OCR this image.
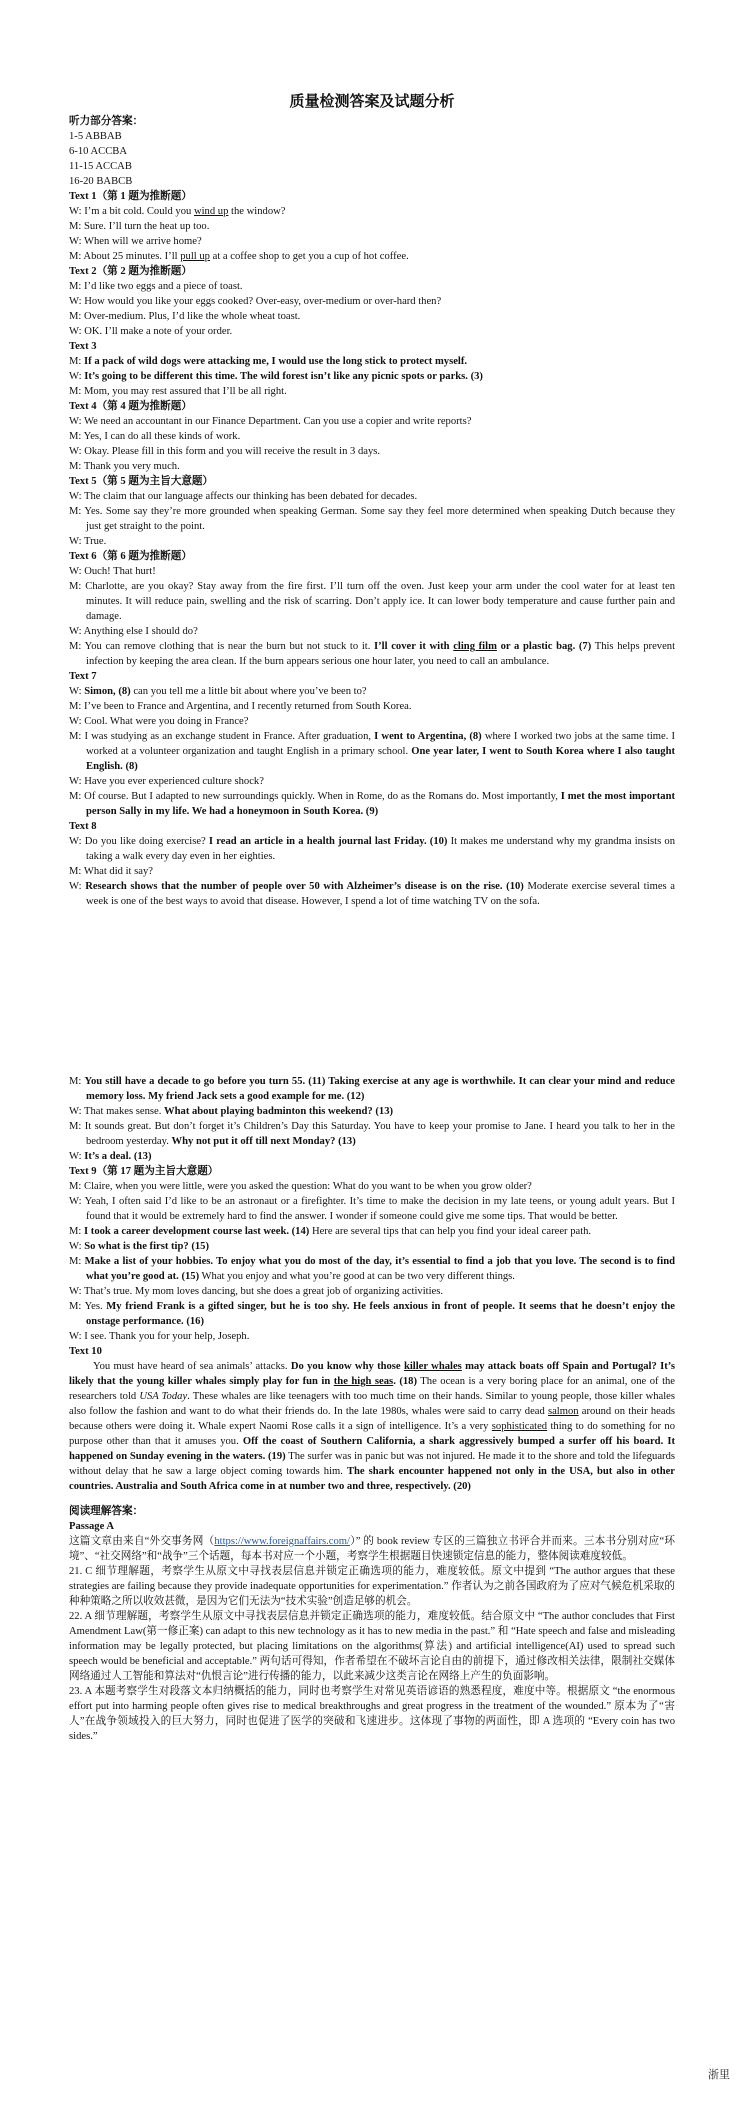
质量检测答案及试题分析
听力部分答案：
1-5 ABBAB
6-10 ACCBA
11-15 ACCAB
16-20 BABCB
Text 1（第 1 题为推断题）
W: I’m a bit cold. Could you wind up the window?
M: Sure. I’ll turn the heat up too.
W: When will we arrive home?
M: About 25 minutes. I’ll pull up at a coffee shop to get you a cup of hot coffee.
Text 2（第 2 题为推断题）
M: I’d like two eggs and a piece of toast.
W: How would you like your eggs cooked? Over-easy, over-medium or over-hard then?
M: Over-medium. Plus, I’d like the whole wheat toast.
W: OK. I’ll make a note of your order.
Text 3
M: If a pack of wild dogs were attacking me, I would use the long stick to protect myself.
W: It’s going to be different this time. The wild forest isn’t like any picnic spots or parks. (3)
M: Mom, you may rest assured that I’ll be all right.
Text 4（第 4 题为推断题）
W: We need an accountant in our Finance Department. Can you use a copier and write reports?
M: Yes, I can do all these kinds of work.
W: Okay. Please fill in this form and you will receive the result in 3 days.
M: Thank you very much.
Text 5（第 5 题为主旨大意题）
W: The claim that our language affects our thinking has been debated for decades.
M: Yes. Some say they’re more grounded when speaking German. Some say they feel more determined when speaking Dutch because they just get straight to the point.
W: True.
Text 6（第 6 题为推断题）
W: Ouch! That hurt!
M: Charlotte, are you okay? Stay away from the fire first. I’ll turn off the oven. Just keep your arm under the cool water for at least ten minutes. It will reduce pain, swelling and the risk of scarring. Don’t apply ice. It can lower body temperature and cause further pain and damage.
W: Anything else I should do?
M: You can remove clothing that is near the burn but not stuck to it. I’ll cover it with cling film or a plastic bag. (7) This helps prevent infection by keeping the area clean. If the burn appears serious one hour later, you need to call an ambulance.
Text 7
W: Simon, (8) can you tell me a little bit about where you’ve been to?
M: I’ve been to France and Argentina, and I recently returned from South Korea.
W: Cool. What were you doing in France?
M: I was studying as an exchange student in France. After graduation, I went to Argentina, (8) where I worked two jobs at the same time. I worked at a volunteer organization and taught English in a primary school. One year later, I went to South Korea where I also taught English. (8)
W: Have you ever experienced culture shock?
M: Of course. But I adapted to new surroundings quickly. When in Rome, do as the Romans do. Most importantly, I met the most important person Sally in my life. We had a honeymoon in South Korea. (9)
Text 8
W: Do you like doing exercise? I read an article in a health journal last Friday. (10) It makes me understand why my grandma insists on taking a walk every day even in her eighties.
M: What did it say?
W: Research shows that the number of people over 50 with Alzheimer’s disease is on the rise. (10) Moderate exercise several times a week is one of the best ways to avoid that disease. However, I spend a lot of time watching TV on the sofa.
M: You still have a decade to go before you turn 55. (11) Taking exercise at any age is worthwhile. It can clear your mind and reduce memory loss. My friend Jack sets a good example for me. (12)
W: That makes sense. What about playing badminton this weekend? (13)
M: It sounds great. But don’t forget it’s Children’s Day this Saturday. You have to keep your promise to Jane. I heard you talk to her in the bedroom yesterday. Why not put it off till next Monday? (13)
W: It’s a deal. (13)
Text 9（第 17 题为主旨大意题）
M: Claire, when you were little, were you asked the question: What do you want to be when you grow older?
W: Yeah, I often said I’d like to be an astronaut or a firefighter. It’s time to make the decision in my late teens, or young adult years. But I found that it would be extremely hard to find the answer. I wonder if someone could give me some tips. That would be better.
M: I took a career development course last week. (14) Here are several tips that can help you find your ideal career path.
W: So what is the first tip? (15)
M: Make a list of your hobbies. To enjoy what you do most of the day, it’s essential to find a job that you love. The second is to find what you’re good at. (15) What you enjoy and what you’re good at can be two very different things.
W: That’s true. My mom loves dancing, but she does a great job of organizing activities.
M: Yes. My friend Frank is a gifted singer, but he is too shy. He feels anxious in front of people. It seems that he doesn’t enjoy the onstage performance. (16)
W: I see. Thank you for your help, Joseph.
Text 10
You must have heard of sea animals’ attacks. Do you know why those killer whales may attack boats off Spain and Portugal? It’s likely that the young killer whales simply play for fun in the high seas. (18) The ocean is a very boring place for an animal, one of the researchers told USA Today. These whales are like teenagers with too much time on their hands. Similar to young people, those killer whales also follow the fashion and want to do what their friends do. In the late 1980s, whales were said to carry dead salmon around on their heads because others were doing it. Whale expert Naomi Rose calls it a sign of intelligence. It’s a very sophisticated thing to do something for no purpose other than that it amuses you. Off the coast of Southern California, a shark aggressively bumped a surfer off his board. It happened on Sunday evening in the waters. (19) The surfer was in panic but was not injured. He made it to the shore and told the lifeguards without delay that he saw a large object coming towards him. The shark encounter happened not only in the USA, but also in other countries. Australia and South Africa come in at number two and three, respectively. (20)
阅读理解答案：
Passage A
这篇文章由来自“外交事务网（https://www.foreignaffairs.com/）” 的 book review 专区的三篇独立书评合并而来。三本书分别对应“环境”、“社交网络”和“战争”三个话题，每本书对应一个小题，考察学生根据题目快速锁定信息的能力，整体阅读难度较低。
21. C 细节理解题，考察学生从原文中寻找表层信息并锁定正确选项的能力，难度较低。原文中提到 “The author argues that these strategies are failing because they provide inadequate opportunities for experimentation.” 作者认为之前各国政府为了应对气候危机采取的种种策略之所以收效甚微，是因为它们无法为“技术实验”创造足够的机会。
22. A 细节理解题，考察学生从原文中寻找表层信息并锁定正确选项的能力，难度较低。结合原文中 “The author concludes that First Amendment Law(第一修正案) can adapt to this new technology as it has to new media in the past.” 和 “Hate speech and false and misleading information may be legally protected, but placing limitations on the algorithms(算法) and artificial intelligence(AI) used to spread such speech would be beneficial and acceptable.” 两句话可得知，作者希望在不破坏言论自由的前提下，通过修改相关法律，限制社交媒体网络通过人工智能和算法对“仇恨言论”进行传播的能力，以此来减少这类言论在网络上产生的负面影响。
23. A 本题考察学生对段落文本归纳概括的能力，同时也考察学生对常见英语谚语的熟悉程度，难度中等。根据原文 “the enormous effort put into harming people often gives rise to medical breakthroughs and great progress in the treatment of the wounded.” 原本为了“害人”在战争领域投入的巨大努力，同时也促进了医学的突破和飞速进步。这体现了事物的两面性，即 A 选项的 “Every coin has two sides.”
浙里
